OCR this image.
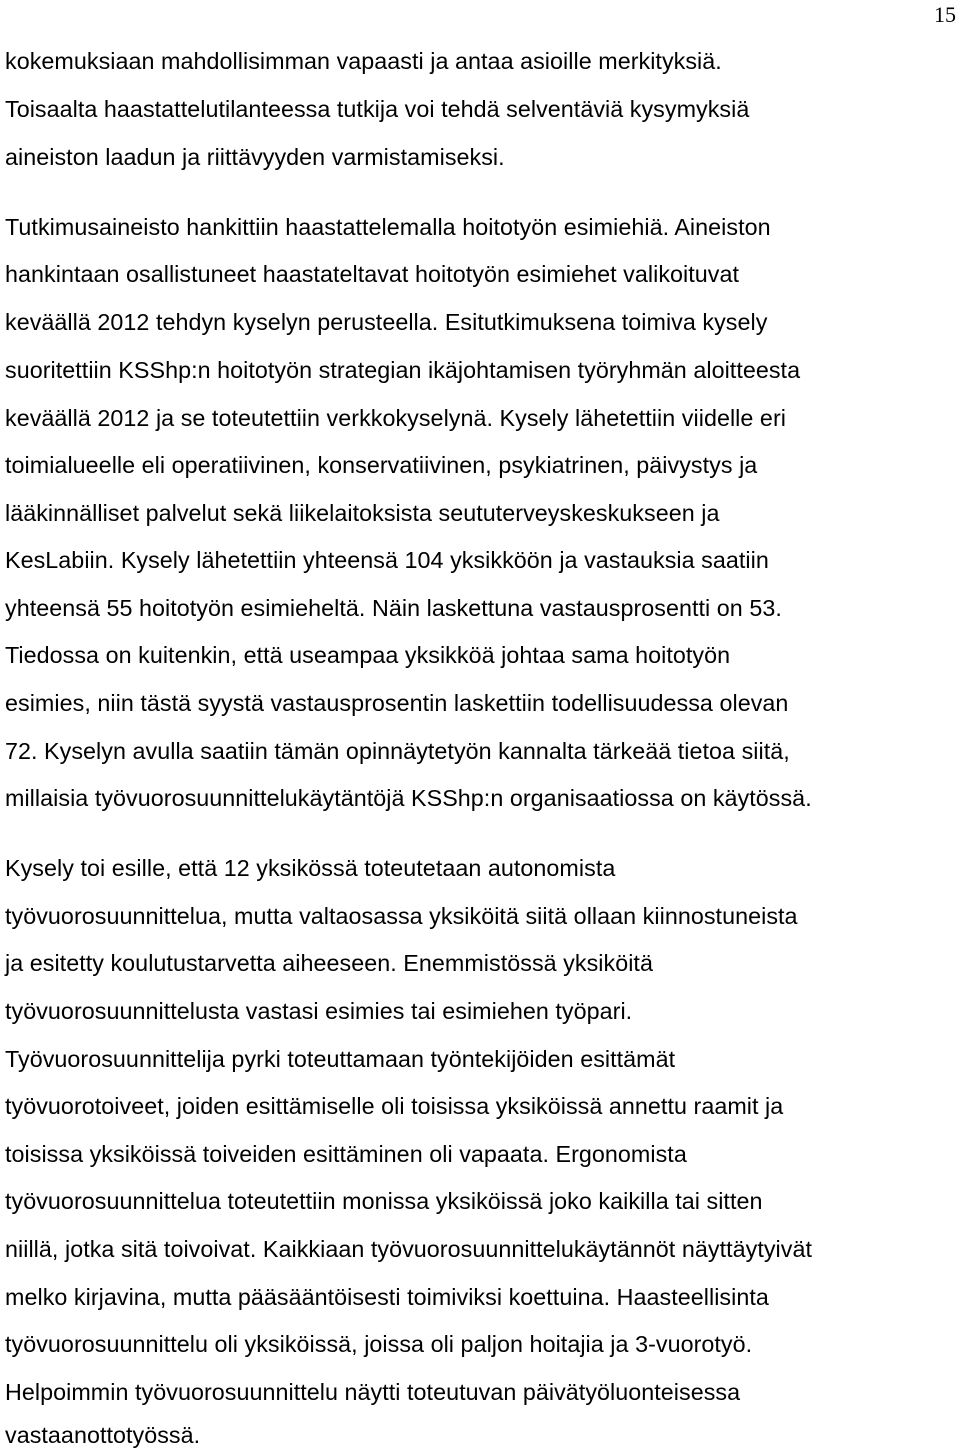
15
kokemuksiaan mahdollisimman vapaasti ja antaa asioille merkityksiä.
Toisaalta haastattelutilanteessa tutkija voi tehdä selventäviä kysymyksiä
aineiston laadun ja riittävyyden varmistamiseksi.
Tutkimusaineisto hankittiin haastattelemalla hoitotyön esimiehiä. Aineiston
hankintaan osallistuneet haastateltavat hoitotyön esimiehet valikoituvat
keväällä 2012 tehdyn kyselyn perusteella. Esitutkimuksena toimiva kysely
suoritettiin KSShp:n hoitotyön strategian ikäjohtamisen työryhmän aloitteesta
keväällä 2012 ja se toteutettiin verkkokyselynä. Kysely lähetettiin viidelle eri
toimialueelle eli operatiivinen, konservatiivinen, psykiatrinen, päivystys ja
lääkinnälliset palvelut sekä liikelaitoksista seututerveyskeskukseen ja
KesLabiin. Kysely lähetettiin yhteensä 104 yksikköön ja vastauksia saatiin
yhteensä 55 hoitotyön esimieheltä. Näin laskettuna vastausprosentti on 53.
Tiedossa on kuitenkin, että useampaa yksikköä johtaa sama hoitotyön
esimies, niin tästä syystä vastausprosentin laskettiin todellisuudessa olevan
72. Kyselyn avulla saatiin tämän opinnäytetyön kannalta tärkeää tietoa siitä,
millaisia työvuorosuunnittelukäytäntöjä KSShp:n organisaatiossa on käytössä.
Kysely toi esille, että 12 yksikössä toteutetaan autonomista
työvuorosuunnittelua, mutta valtaosassa yksiköitä siitä ollaan kiinnostuneista
ja esitetty koulutustarvetta aiheeseen. Enemmistössä yksiköitä
työvuorosuunnittelusta vastasi esimies tai esimiehen työpari.
Työvuorosuunnittelija pyrki toteuttamaan työntekijöiden esittämät
työvuorotoiveet, joiden esittämiselle oli toisissa yksiköissä annettu raamit ja
toisissa yksiköissä toiveiden esittäminen oli vapaata. Ergonomista
työvuorosuunnittelua toteutettiin monissa yksiköissä joko kaikilla tai sitten
niillä, jotka sitä toivoivat. Kaikkiaan työvuorosuunnittelukäytännöt näyttäytyivät
melko kirjavina, mutta pääsääntöisesti toimiviksi koettuina. Haasteellisinta
työvuorosuunnittelu oli yksiköissä, joissa oli paljon hoitajia ja 3-vuorotyö.
Helpoimmin työvuorosuunnittelu näytti toteutuvan päivätyöluonteisessa
vastaanottotyössä.
